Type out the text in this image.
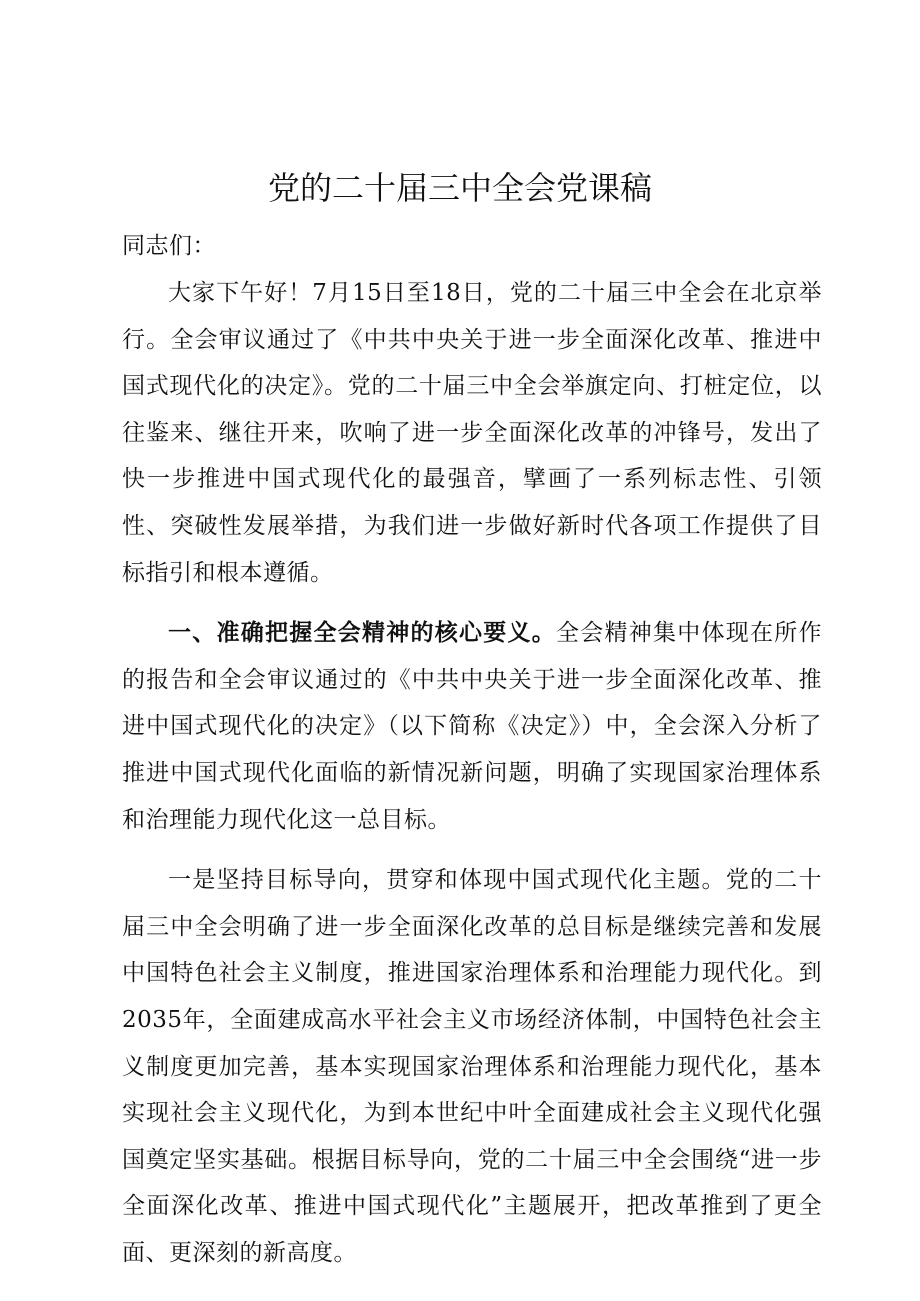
党的二十届三中全会党课稿

同志们：

大家下午好！7月15日至18日，党的二十届三中全会在北京举行。全会审议通过了《中共中央关于进一步全面深化改革、推进中国式现代化的决定》。党的二十届三中全会举旗定向、打桩定位，以往鉴来、继往开来，吹响了进一步全面深化改革的冲锋号，发出了快一步推进中国式现代化的最强音，擘画了一系列标志性、引领性、突破性发展举措，为我们进一步做好新时代各项工作提供了目标指引和根本遵循。

一、准确把握全会精神的核心要义。全会精神集中体现在所作的报告和全会审议通过的《中共中央关于进一步全面深化改革、推进中国式现代化的决定》（以下简称《决定》）中，全会深入分析了推进中国式现代化面临的新情况新问题，明确了实现国家治理体系和治理能力现代化这一总目标。

一是坚持目标导向，贯穿和体现中国式现代化主题。党的二十届三中全会明确了进一步全面深化改革的总目标是继续完善和发展中国特色社会主义制度，推进国家治理体系和治理能力现代化。到2035年，全面建成高水平社会主义市场经济体制，中国特色社会主义制度更加完善，基本实现国家治理体系和治理能力现代化，基本实现社会主义现代化，为到本世纪中叶全面建成社会主义现代化强国奠定坚实基础。根据目标导向，党的二十届三中全会围绕“进一步全面深化改革、推进中国式现代化”主题展开，把改革推到了更全面、更深刻的新高度。
